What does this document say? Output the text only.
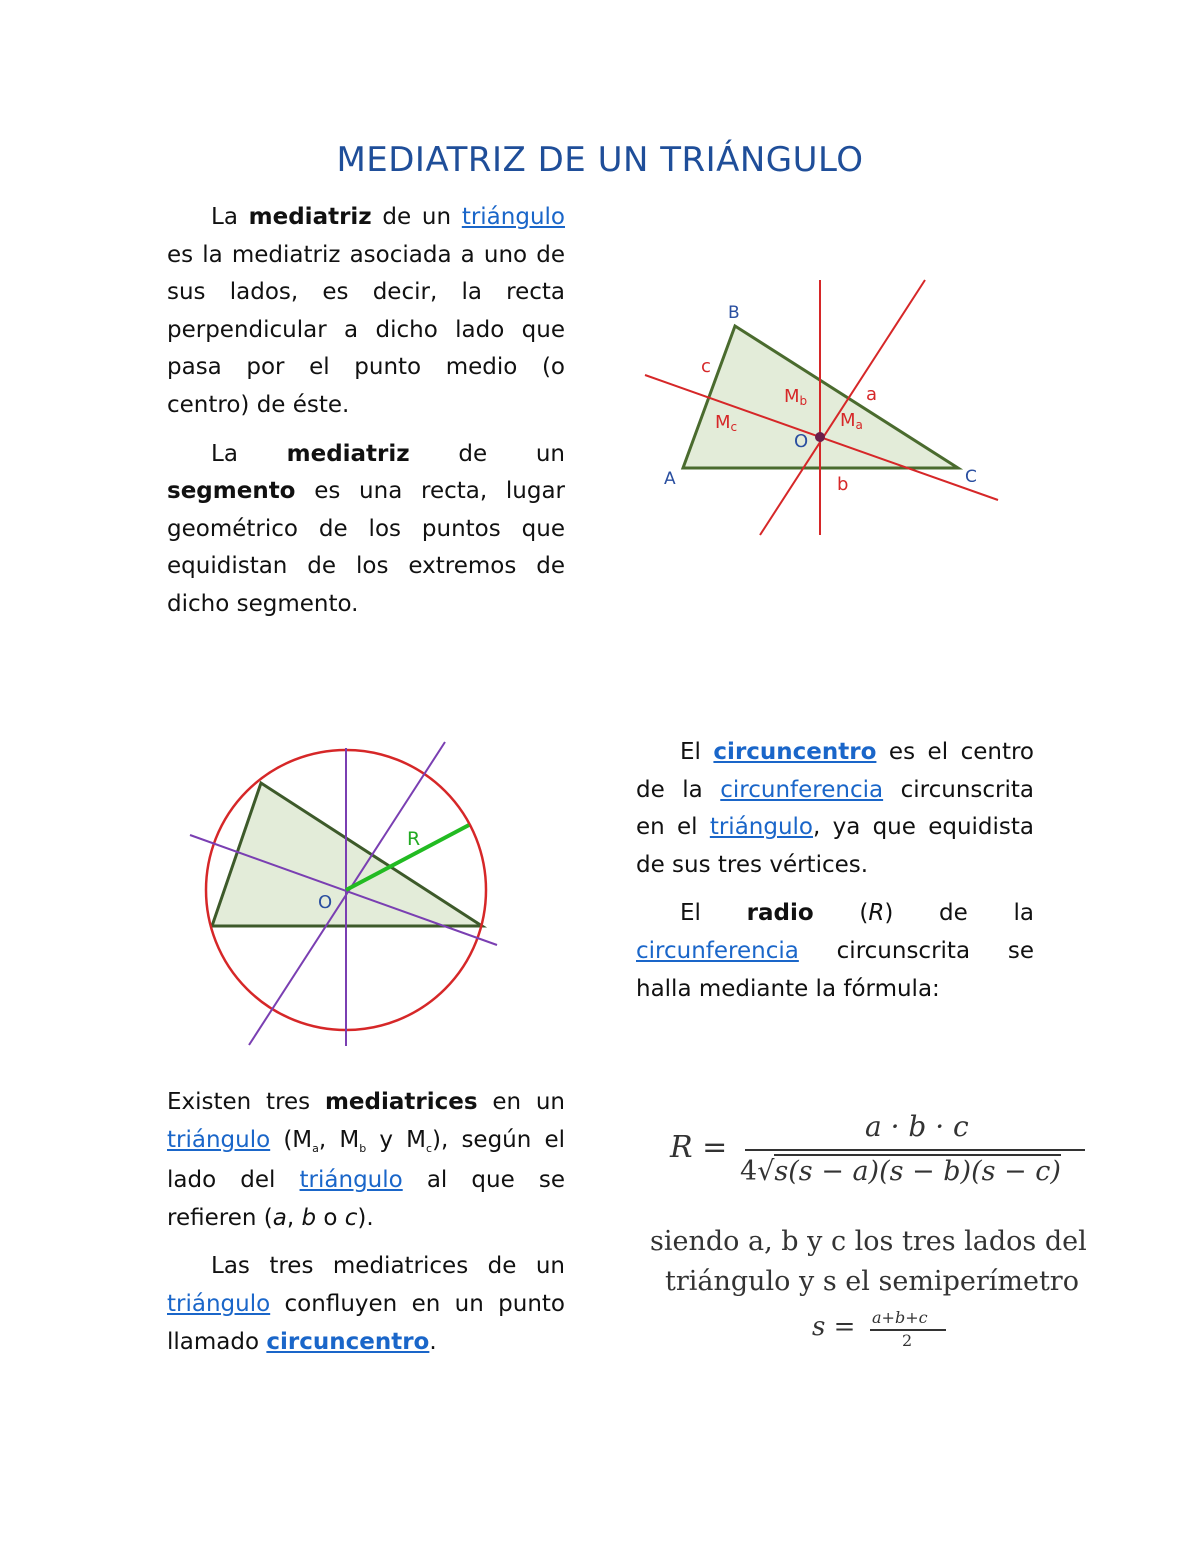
MEDIATRIZ DE UN TRIÁNGULO

La mediatriz de un triángulo es la mediatriz asociada a uno de sus lados, es decir, la recta perpendicular a dicho lado que pasa por el punto medio (o centro) de éste.

La mediatriz de un segmento es una recta, lugar geométrico de los puntos que equidistan de los extremos de dicho segmento.

B
A	C
c
a
b
O
Mb
Ma
Mc
R
O

El circuncentro es el centro de la circunferencia circunscrita en el triángulo, ya que equidista de sus tres vértices.

El radio (R) de la circunferencia circunscrita se halla mediante la fórmula:

Existen tres mediatrices en un triángulo ($M_a$, $M_b$ y $M_c$), según el lado del triángulo al que se refieren (a, b o c).

Las tres mediatrices de un triángulo confluyen en un punto llamado circuncentro.

R =
a · b · c
4√s(s − a)(s − b)(s − c)
siendo a, b y c los tres lados del
triángulo y s el semiperímetro
s = a+b+c
2
